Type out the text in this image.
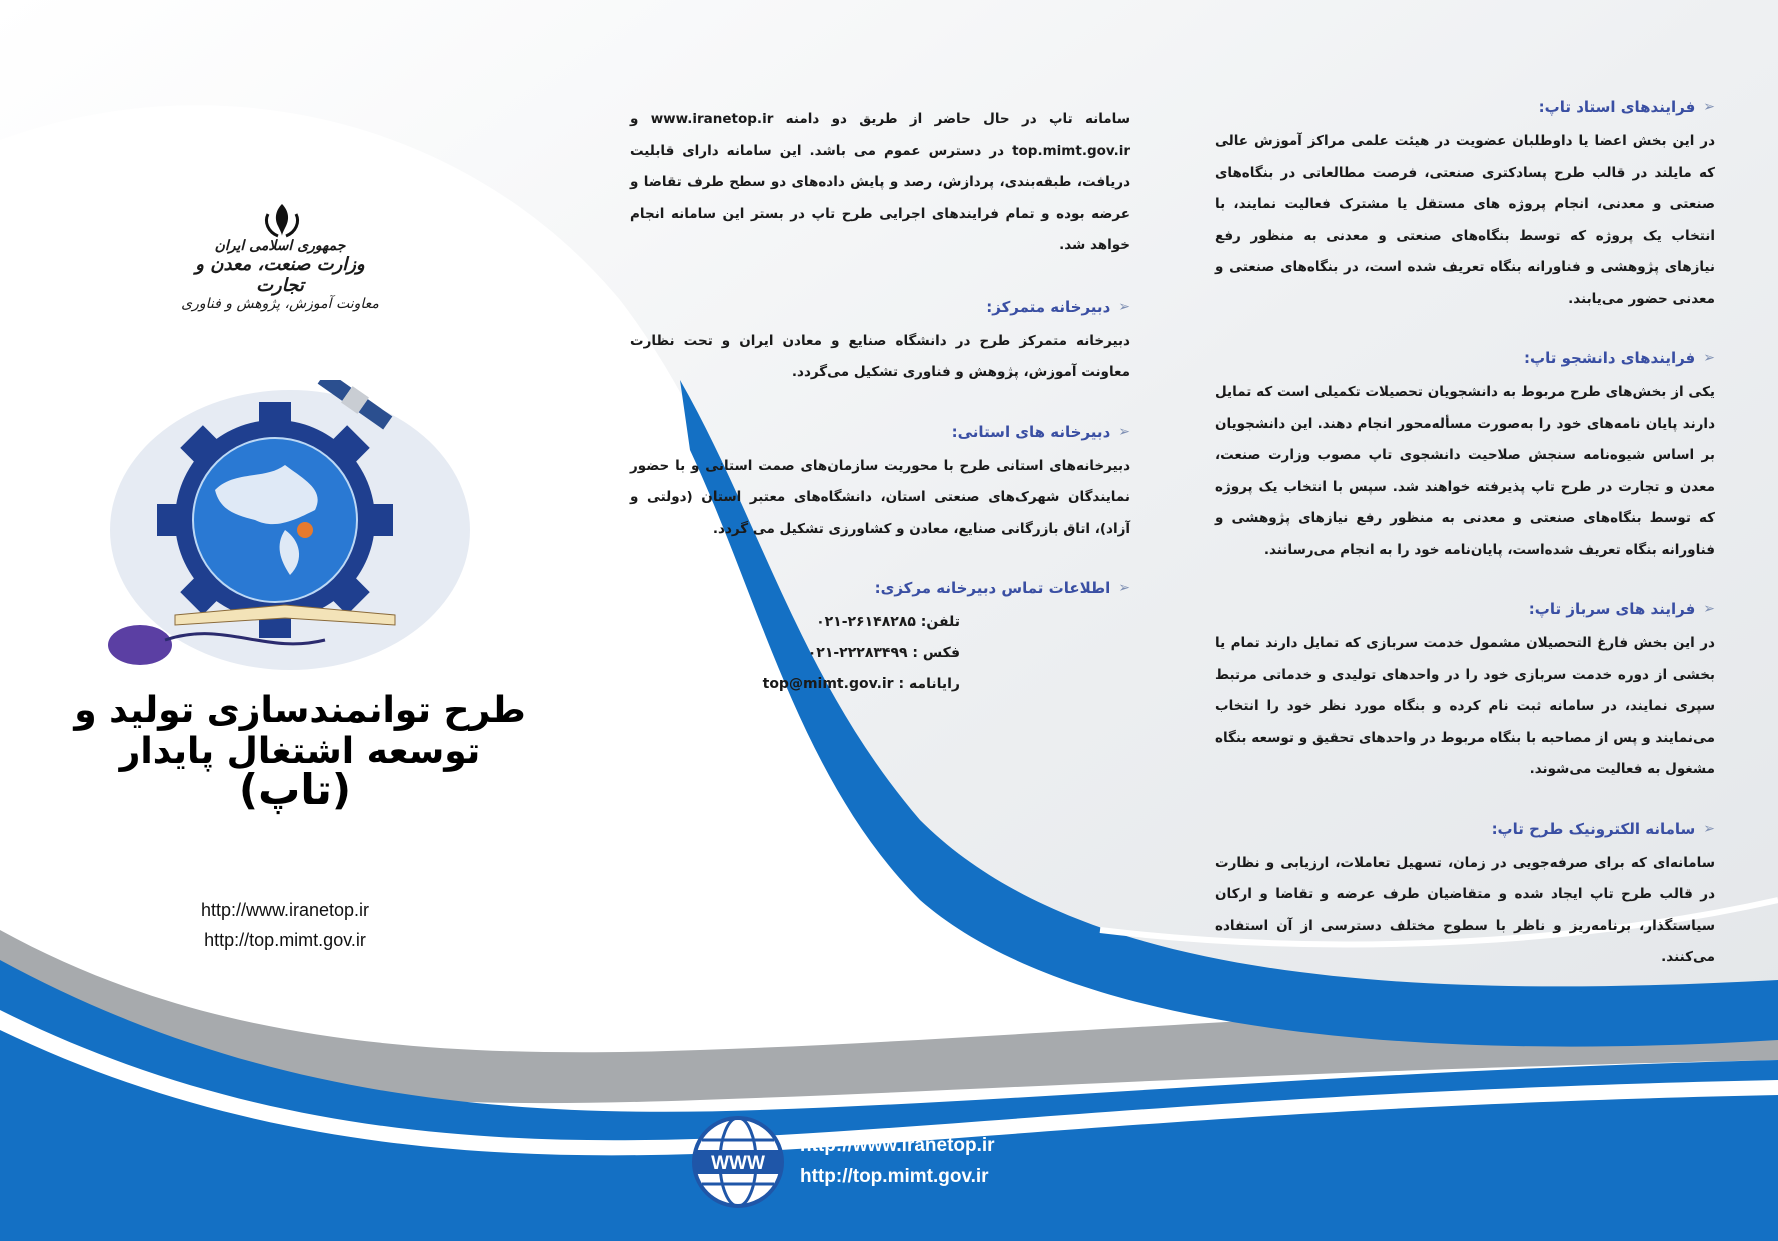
جمهوری اسلامی ایران
وزارت صنعت، معدن و تجارت
معاونت آموزش، پژوهش و فناوری
طرح توانمندسازی تولید و توسعه اشتغال پایدار
(تاپ)
http://www.iranetop.ir
http://top.mimt.gov.ir

سامانه تاپ در حال حاضر از طریق دو دامنه www.iranetop.ir و top.mimt.gov.ir در دسترس عموم می باشد. این سامانه دارای قابلیت دریافت، طبقه‌بندی، پردازش، رصد و پایش داده‌های دو سطح طرف تقاضا و عرضه بوده و تمام فرایندهای اجرایی طرح تاپ در بستر این سامانه انجام خواهد شد.

➢
دبیرخانه متمرکز:

دبیرخانه متمرکز طرح در دانشگاه صنایع و معادن ایران و تحت نظارت معاونت آموزش، پژوهش و فناوری تشکیل می‌گردد.

➢
دبیرخانه های استانی:

دبیرخانه‌های استانی طرح با محوریت سازمان‌های صمت استانی و با حضور نمایندگان شهرک‌های صنعتی استان، دانشگاه‌های معتبر استان (دولتی و آزاد)، اتاق بازرگانی صنایع، معادن و کشاورزی تشکیل می گردد.

➢
اطلاعات تماس دبیرخانه مرکزی:
تلفن: ۰۲۱-۲۶۱۴۸۲۸۵
فکس : ۰۲۱-۲۲۲۸۳۴۹۹
رایانامه : top@mimt.gov.ir
➢
فرایندهای استاد تاپ:

در این بخش اعضا یا داوطلبان عضویت در هیئت علمی مراکز آموزش عالی که مایلند در قالب طرح پسادکتری صنعتی، فرصت مطالعاتی در بنگاه‌های صنعتی و معدنی، انجام پروژه های مستقل یا مشترک فعالیت نمایند، با انتخاب یک پروژه که توسط بنگاه‌های صنعتی و معدنی به منظور رفع نیازهای پژوهشی و فناورانه بنگاه تعریف شده است، در بنگاه‌های صنعتی و معدنی حضور می‌یابند.

➢
فرایندهای دانشجو تاپ:

یکی از بخش‌های طرح مربوط به دانشجویان تحصیلات تکمیلی است که تمایل دارند پایان نامه‌های خود را به‌صورت مسأله‌محور انجام دهند. این دانشجویان بر اساس شیوه‌نامه سنجش صلاحیت دانشجوی تاپ مصوب وزارت صنعت، معدن و تجارت در طرح تاپ پذیرفته خواهند شد. سپس با انتخاب یک پروژه که توسط بنگاه‌های صنعتی و معدنی به منظور رفع نیازهای پژوهشی و فناورانه بنگاه تعریف شده‌است، پایان‌نامه خود را به انجام می‌رسانند.

➢
فرایند های سرباز تاپ:

در این بخش فارغ التحصیلان مشمول خدمت سربازی که تمایل دارند تمام یا بخشی از دوره خدمت سربازی خود را در واحدهای تولیدی و خدماتی مرتبط سپری نمایند، در سامانه ثبت نام کرده و بنگاه مورد نظر خود را انتخاب می‌نمایند و پس از مصاحبه با بنگاه مربوط در واحدهای تحقیق و توسعه بنگاه مشغول به فعالیت می‌شوند.

➢
سامانه الکترونیک طرح تاپ:

سامانه‌ای که برای صرفه‌جویی در زمان، تسهیل تعاملات، ارزیابی و نظارت در قالب طرح تاپ ایجاد شده و متقاضیان طرف عرضه و تقاضا و ارکان سیاستگذار، برنامه‌ریز و ناظر با سطوح مختلف دسترسی از آن استفاده می‌کنند.

WWW
http://www.iranetop.ir
http://top.mimt.gov.ir
